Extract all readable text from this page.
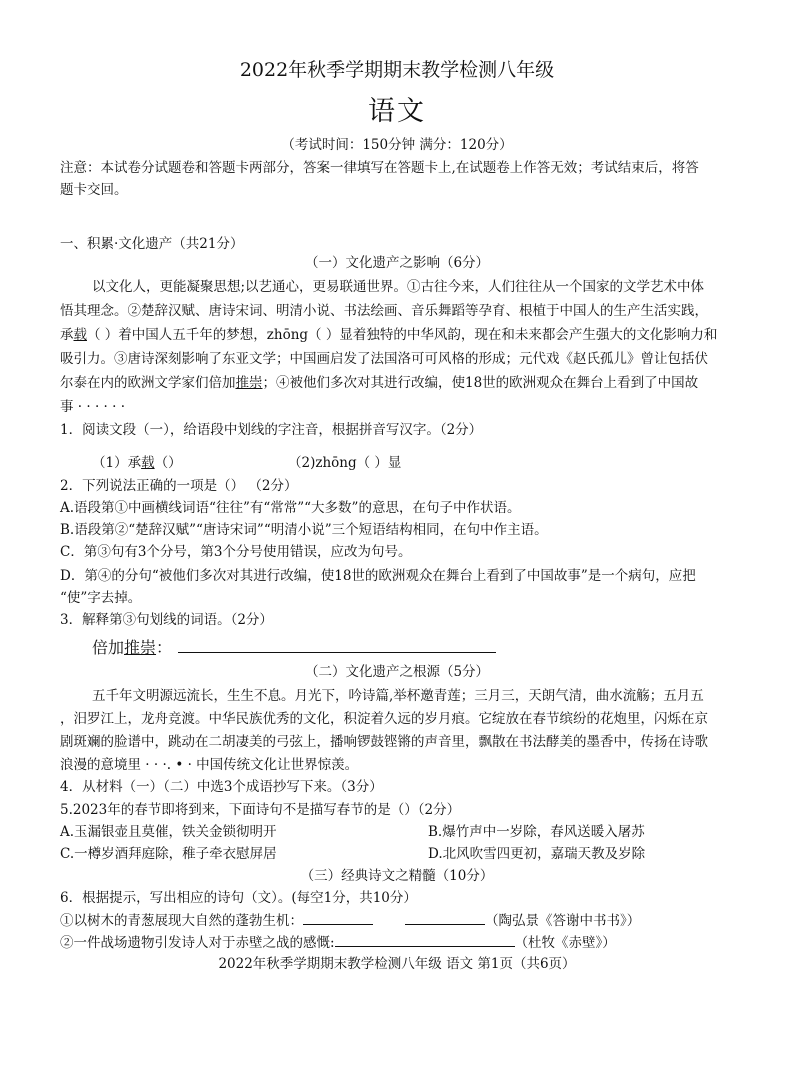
2022年秋季学期期末教学检测八年级
语文
（考试时间：150分钟 满分：120分）
注意：本试卷分试题卷和答题卡两部分，答案一律填写在答题卡上,在试题卷上作答无效；考试结束后，将答
题卡交回。
一、积累·文化遗产（共21分）
（一）文化遗产之影响（6分）
以文化人，更能凝聚思想;以艺通心，更易联通世界。①古往今来，人们往往从一个国家的文学艺术中体
悟其理念。②楚辞汉赋、唐诗宋词、明清小说、书法绘画、音乐舞蹈等孕育、根植于中国人的生产生活实践，
承载（ ）着中国人五千年的梦想，zhōng（ ）显着独特的中华风韵，现在和未来都会产生强大的文化影响力和
吸引力。③唐诗深刻影响了东亚文学；中国画启发了法国洛可可风格的形成；元代戏《赵氏孤儿》曾让包括伏
尔泰在内的欧洲文学家们倍加推崇；④被他们多次对其进行改编，使18世的欧洲观众在舞台上看到了中国故
事 · · · · · ·
1．阅读文段（一），给语段中划线的字注音，根据拼音写汉字。（2分）
（1）承载（）	（2)zhōng（ ）显
2．下列说法正确的一项是（） （2分）
A.语段第①中画横线词语“往往”有“常常”“大多数”的意思，在句子中作状语。
B.语段第②“楚辞汉赋”“唐诗宋词”“明清小说”三个短语结构相同，在句中作主语。
C．第③句有3个分号，第3个分号使用错误，应改为句号。
D．第④的分句“被他们多次对其进行改编，使18世的欧洲观众在舞台上看到了中国故事”是一个病句，应把
“使”字去掉。
3．解释第③句划线的词语。（2分）
倍加推崇：
（二）文化遗产之根源（5分）
五千年文明源远流长，生生不息。月光下，吟诗篇,举杯邀青莲；三月三，天朗气清，曲水流觞；五月五
，汨罗江上，龙舟竞渡。中华民族优秀的文化，积淀着久远的岁月痕。它绽放在春节缤纷的花炮里，闪烁在京
剧斑斓的脸谱中，跳动在二胡凄美的弓弦上，播响锣鼓铿锵的声音里，飘散在书法酵美的墨香中，传扬在诗歌
浪漫的意境里 · · ·. • · 中国传统文化让世界惊羡。
4．从材料（一）（二）中选3个成语抄写下来。（3分）
5.2023年的春节即将到来，下面诗句不是描写春节的是（）（2分）
A.玉漏银壶且莫催，铁关金锁彻明开	B.爆竹声中一岁除，春风送暖入屠苏
C.一樽岁酒拜庭除，稚子牵衣慰屏居	D.北风吹雪四更初，嘉瑞天教及岁除
（三）经典诗文之精髓（10分）
6．根据提示，写出相应的诗句（文）。(每空1分，共10分）
①以树木的青葱展现大自然的蓬勃生机：	（陶弘景《答谢中书书》）
②一件战场遗物引发诗人对于赤壁之战的感慨:	（杜牧《赤壁》）
2022年秋季学期期末教学检测八年级 语文 第1页（共6页）
